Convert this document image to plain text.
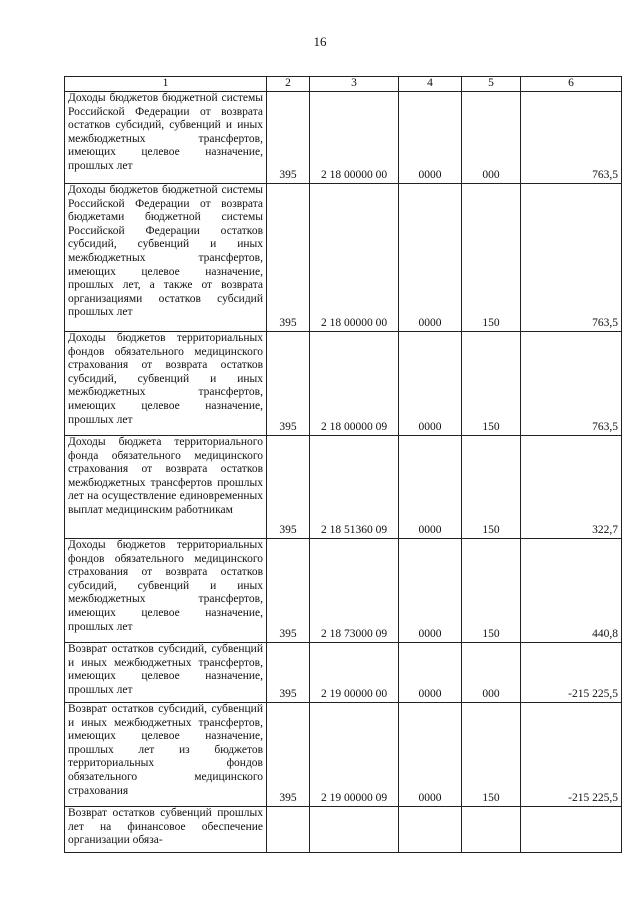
16
1	2	3	4	5	6
Доходы бюджетов бюджетной системы Российской Федерации от возврата остатков субсидий, субвенций и иных межбюджетных трансфертов, имеющих целевое назначение, прошлых лет	395	2 18 00000 00	0000	000	763,5
Доходы бюджетов бюджетной системы Российской Федерации от возврата бюджетами бюджетной системы Российской Федерации остатков субсидий, субвенций и иных межбюджетных трансфертов, имеющих целевое назначение, прошлых лет, а также от возврата организациями остатков субсидий прошлых лет	395	2 18 00000 00	0000	150	763,5
Доходы бюджетов территориальных фондов обязательного медицинского страхования от возврата остатков субсидий, субвенций и иных межбюджетных трансфертов, имеющих целевое назначение, прошлых лет	395	2 18 00000 09	0000	150	763,5
Доходы бюджета территориального фонда обязательного медицинского страхования от возврата остатков межбюджетных трансфертов прошлых лет на осуществление единовременных выплат медицинским работникам	395	2 18 51360 09	0000	150	322,7
Доходы бюджетов территориальных фондов обязательного медицинского страхования от возврата остатков субсидий, субвенций и иных межбюджетных трансфертов, имеющих целевое назначение, прошлых лет	395	2 18 73000 09	0000	150	440,8
Возврат остатков субсидий, субвенций и иных межбюджетных трансфертов, имеющих целевое назначение, прошлых лет	395	2 19 00000 00	0000	000	-215 225,5
Возврат остатков субсидий, субвенций и иных межбюджетных трансфертов, имеющих целевое назначение, прошлых лет из бюджетов территориальных фондов обязательного медицинского страхования	395	2 19 00000 09	0000	150	-215 225,5
Возврат остатков субвенций прошлых лет на финансовое обеспечение организации обяза-					
